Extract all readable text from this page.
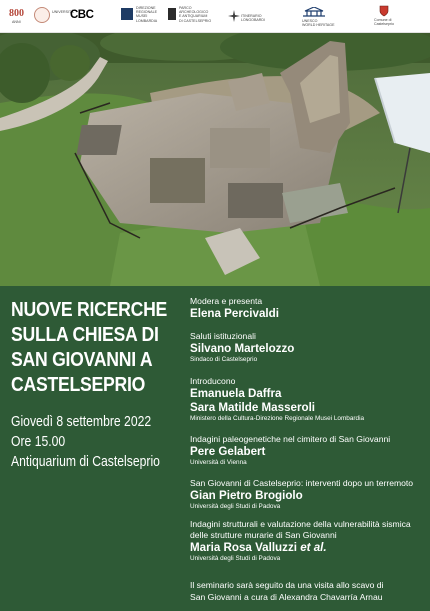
800
ANNI
UNIVERSITÀ
CBC
DIREZIONE
REGIONALE
MUSEI
LOMBARDIA
PARCO
ARCHEOLOGICO
E ANTIQUARIUM
DI CASTELSEPRIO
ITINERARIO LONGOBARDI	UNESCO
WORLD HERITAGE
Comune di
Castelseprio
NUOVE RICERCHE
SULLA CHIESA DI
SAN GIOVANNI A
CASTELSEPRIO
Giovedì 8 settembre 2022
Ore 15.00
Antiquarium di Castelseprio
Modera e presenta
Elena Percivaldi
Saluti istituzionali
Silvano Martelozzo
Sindaco di Castelseprio
Introducono
Emanuela Daffra
Sara Matilde Masseroli
Ministero della Cultura-Direzione Regionale Musei Lombardia
Indagini paleogenetiche nel cimitero di San Giovanni
Pere Gelabert
Università di Vienna
San Giovanni di Castelseprio: interventi dopo un terremoto
Gian Pietro Brogiolo
Università degli Studi di Padova
Indagini strutturali e valutazione della vulnerabilità sismica
delle strutture murarie di San Giovanni
Maria Rosa Valluzzi et al.
Università degli Studi di Padova
Il seminario sarà seguito da una visita allo scavo di
San Giovanni a cura di Alexandra Chavarría Arnau
